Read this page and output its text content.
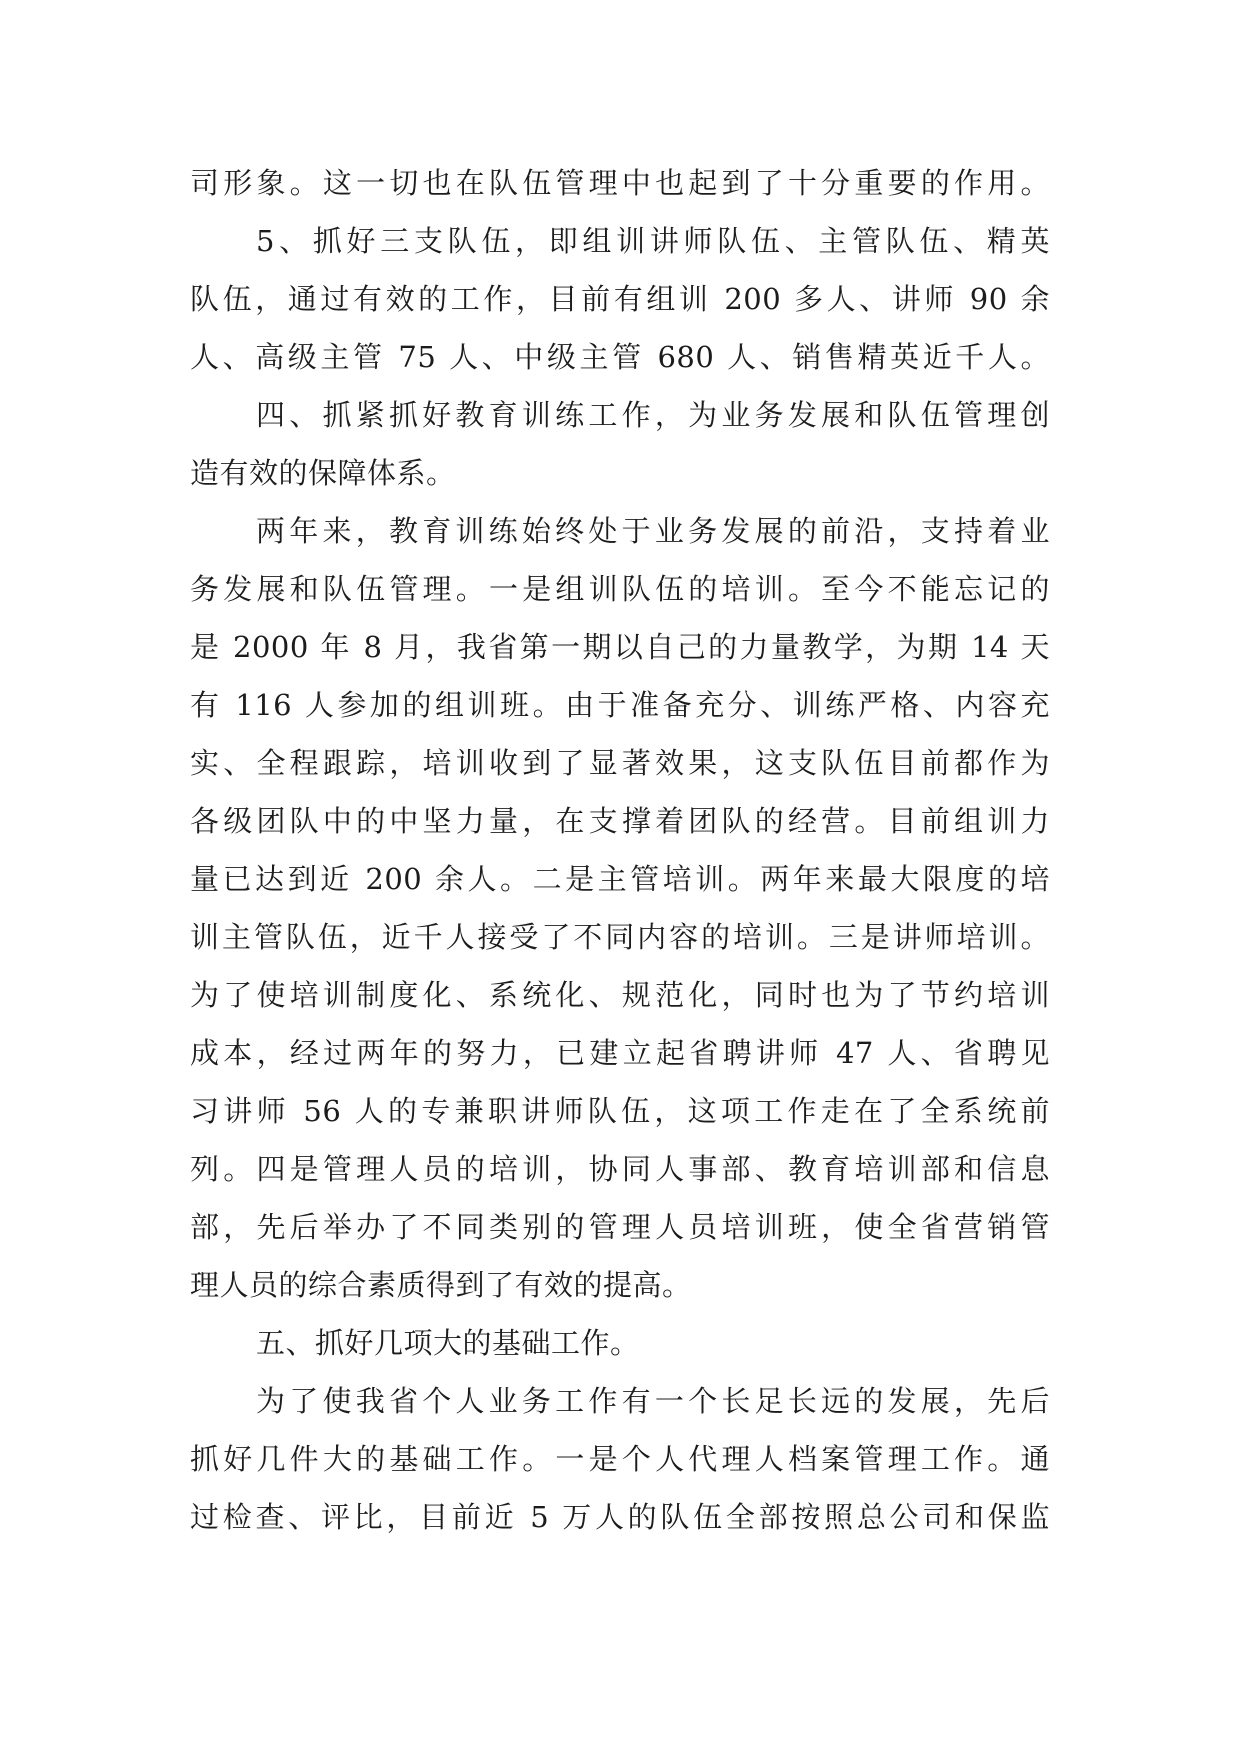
司形象。这一切也在队伍管理中也起到了十分重要的作用。
5、抓好三支队伍，即组训讲师队伍、主管队伍、精英
队伍，通过有效的工作，目前有组训 200 多人、讲师 90 余
人、高级主管 75 人、中级主管 680 人、销售精英近千人。
四、抓紧抓好教育训练工作，为业务发展和队伍管理创
造有效的保障体系。
两年来，教育训练始终处于业务发展的前沿，支持着业
务发展和队伍管理。一是组训队伍的培训。至今不能忘记的
是 2000 年 8 月，我省第一期以自己的力量教学，为期 14 天
有 116 人参加的组训班。由于准备充分、训练严格、内容充
实、全程跟踪，培训收到了显著效果，这支队伍目前都作为
各级团队中的中坚力量，在支撑着团队的经营。目前组训力
量已达到近 200 余人。二是主管培训。两年来最大限度的培
训主管队伍，近千人接受了不同内容的培训。三是讲师培训。
为了使培训制度化、系统化、规范化，同时也为了节约培训
成本，经过两年的努力，已建立起省聘讲师 47 人、省聘见
习讲师 56 人的专兼职讲师队伍，这项工作走在了全系统前
列。四是管理人员的培训，协同人事部、教育培训部和信息
部，先后举办了不同类别的管理人员培训班，使全省营销管
理人员的综合素质得到了有效的提高。
五、抓好几项大的基础工作。
为了使我省个人业务工作有一个长足长远的发展，先后
抓好几件大的基础工作。一是个人代理人档案管理工作。通
过检查、评比，目前近 5 万人的队伍全部按照总公司和保监
